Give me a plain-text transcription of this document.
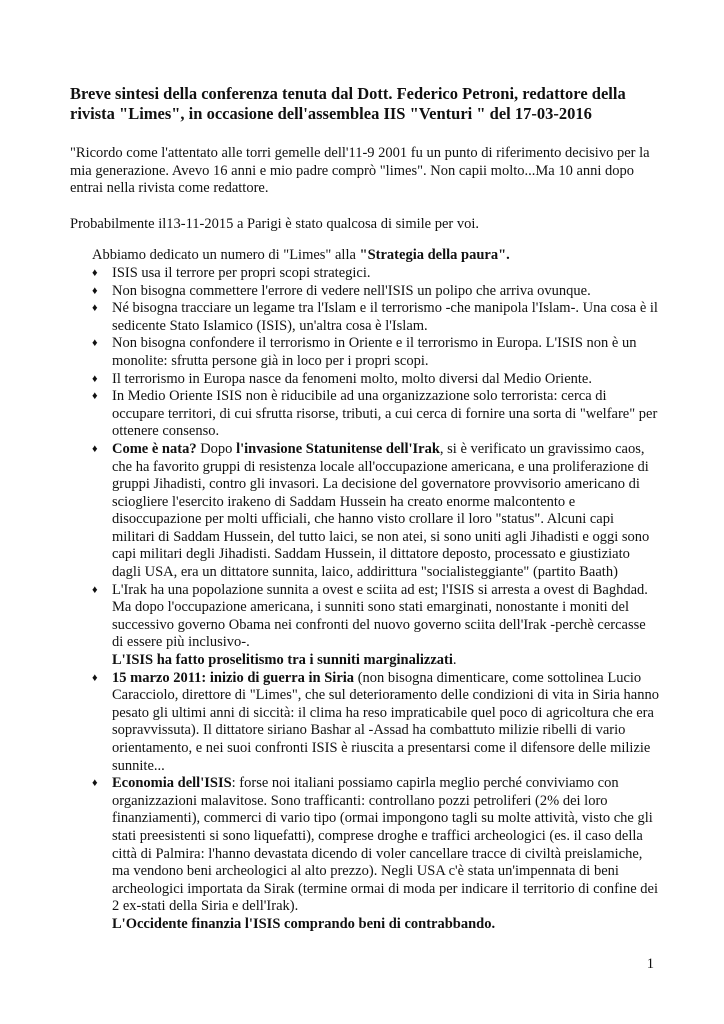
Breve sintesi della conferenza tenuta dal Dott. Federico Petroni, redattore della rivista "Limes", in occasione dell'assemblea IIS "Venturi " del 17-03-2016

"Ricordo come l'attentato alle torri gemelle dell'11-9 2001 fu un punto di riferimento decisivo per la mia generazione. Avevo 16 anni e mio padre comprò "limes". Non capii molto...Ma 10 anni dopo entrai nella rivista come redattore.

Probabilmente il13-11-2015 a Parigi è stato qualcosa di simile per voi.

Abbiamo dedicato un numero di "Limes" alla "Strategia della paura".

♦ ISIS usa il terrore per propri scopi strategici.
♦ Non bisogna commettere l'errore di vedere nell'ISIS un polipo che arriva ovunque.
♦ Né bisogna tracciare un legame tra l'Islam e il terrorismo -che manipola l'Islam-. Una cosa è il sedicente Stato Islamico (ISIS), un'altra cosa è l'Islam.
♦ Non bisogna confondere il terrorismo in Oriente e il terrorismo in Europa. L'ISIS non è un monolite: sfrutta persone già in loco per i propri scopi.
♦ Il terrorismo in Europa nasce da fenomeni molto, molto diversi dal Medio Oriente.
♦ In Medio Oriente ISIS non è riducibile ad una organizzazione solo terrorista: cerca di occupare territori, di cui sfrutta risorse, tributi, a cui cerca di fornire una sorta di "welfare" per ottenere consenso.
♦ Come è nata? Dopo l'invasione Statunitense dell'Irak, si è verificato un gravissimo caos, che ha favorito gruppi di resistenza locale all'occupazione americana, e una proliferazione di gruppi Jihadisti, contro gli invasori. La decisione del governatore provvisorio americano di sciogliere l'esercito irakeno di Saddam Hussein ha creato enorme malcontento e disoccupazione per molti ufficiali, che hanno visto crollare il loro "status". Alcuni capi militari di Saddam Hussein, del tutto laici, se non atei, si sono uniti agli Jihadisti e oggi sono capi militari degli Jihadisti. Saddam Hussein, il dittatore deposto, processato e giustiziato dagli USA, era un dittatore sunnita, laico, addirittura "socialisteggiante" (partito Baath)
♦ L'Irak ha una popolazione sunnita a ovest e sciita ad est; l'ISIS si arresta a ovest di Baghdad. Ma dopo l'occupazione americana, i sunniti sono stati emarginati, nonostante i moniti del successivo governo Obama nei confronti del nuovo governo sciita dell'Irak -perchè cercasse di essere più inclusivo-.
L'ISIS ha fatto proselitismo tra i sunniti marginalizzati.
♦ 15 marzo 2011: inizio di guerra in Siria (non bisogna dimenticare, come sottolinea Lucio Caracciolo, direttore di "Limes", che sul deterioramento delle condizioni di vita in Siria hanno pesato gli ultimi anni di siccità: il clima ha reso impraticabile quel poco di agricoltura che era sopravvissuta). Il dittatore siriano Bashar al -Assad ha combattuto milizie ribelli di vario orientamento, e nei suoi confronti ISIS è riuscita a presentarsi come il difensore delle milizie sunnite...
♦ Economia dell'ISIS: forse noi italiani possiamo capirla meglio perché conviviamo con organizzazioni malavitose. Sono trafficanti: controllano pozzi petroliferi (2% dei loro finanziamenti), commerci di vario tipo (ormai impongono tagli su molte attività, visto che gli stati preesistenti si sono liquefatti), comprese droghe e traffici archeologici (es. il caso della città di Palmira: l'hanno devastata dicendo di voler cancellare tracce di civiltà preislamiche, ma vendono beni archeologici al alto prezzo). Negli USA c'è stata un'impennata di beni archeologici importata da Sirak (termine ormai di moda per indicare il territorio di confine dei 2 ex-stati della Siria e dell'Irak).
L'Occidente finanzia l'ISIS comprando beni di contrabbando.
1
